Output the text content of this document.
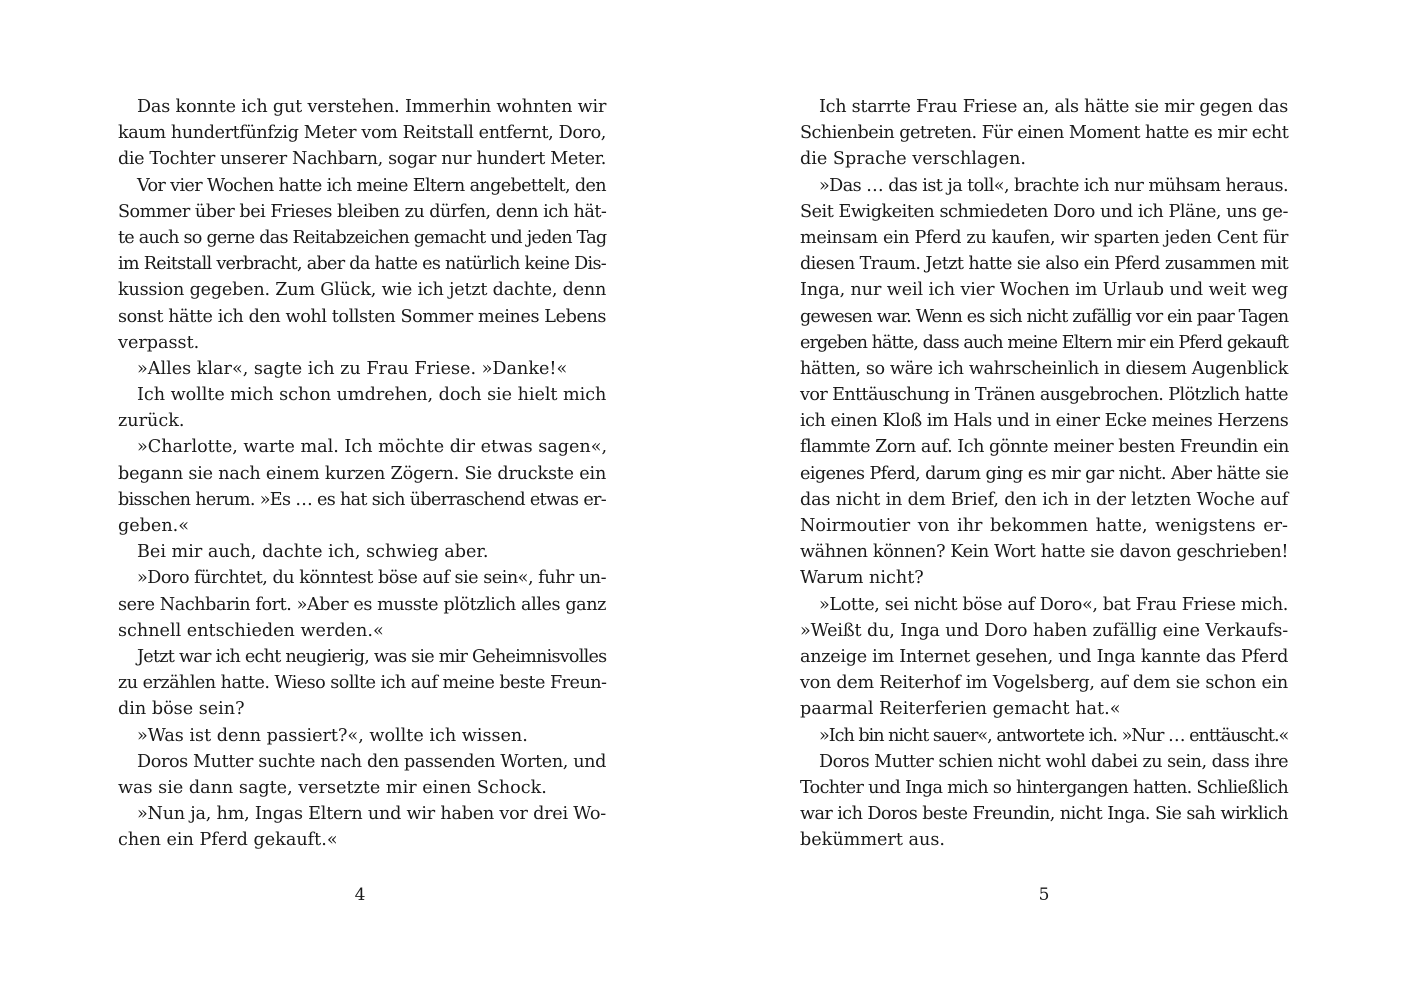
Das konnte ich gut verstehen. Immerhin wohnten wir
kaum hundertfünfzig Meter vom Reitstall entfernt, Doro,
die Tochter unserer Nachbarn, sogar nur hundert Meter.
Vor vier Wochen hatte ich meine Eltern angebettelt, den
Sommer über bei Frieses bleiben zu dürfen, denn ich hät-
te auch so gerne das Reitabzeichen gemacht und jeden Tag
im Reitstall verbracht, aber da hatte es natürlich keine Dis-
kussion gegeben. Zum Glück, wie ich jetzt dachte, denn
sonst hätte ich den wohl tollsten Sommer meines Lebens
verpasst.
»Alles klar«, sagte ich zu Frau Friese. »Danke!«
Ich wollte mich schon umdrehen, doch sie hielt mich
zurück.
»Charlotte, warte mal. Ich möchte dir etwas sagen«,
begann sie nach einem kurzen Zögern. Sie druckste ein
bisschen herum. »Es … es hat sich überraschend etwas er-
geben.«
Bei mir auch, dachte ich, schwieg aber.
»Doro fürchtet, du könntest böse auf sie sein«, fuhr un-
sere Nachbarin fort. »Aber es musste plötzlich alles ganz
schnell entschieden werden.«
Jetzt war ich echt neugierig, was sie mir Geheimnisvolles
zu erzählen hatte. Wieso sollte ich auf meine beste Freun-
din böse sein?
»Was ist denn passiert?«, wollte ich wissen.
Doros Mutter suchte nach den passenden Worten, und
was sie dann sagte, versetzte mir einen Schock.
»Nun ja, hm, Ingas Eltern und wir haben vor drei Wo-
chen ein Pferd gekauft.«
4
Ich starrte Frau Friese an, als hätte sie mir gegen das
Schienbein getreten. Für einen Moment hatte es mir echt
die Sprache verschlagen.
»Das … das ist ja toll«, brachte ich nur mühsam heraus.
Seit Ewigkeiten schmiedeten Doro und ich Pläne, uns ge-
meinsam ein Pferd zu kaufen, wir sparten jeden Cent für
diesen Traum. Jetzt hatte sie also ein Pferd zusammen mit
Inga, nur weil ich vier Wochen im Urlaub und weit weg
gewesen war. Wenn es sich nicht zufällig vor ein paar Tagen
ergeben hätte, dass auch meine Eltern mir ein Pferd gekauft
hätten, so wäre ich wahrscheinlich in diesem Augenblick
vor Enttäuschung in Tränen ausgebrochen. Plötzlich hatte
ich einen Kloß im Hals und in einer Ecke meines Herzens
flammte Zorn auf. Ich gönnte meiner besten Freundin ein
eigenes Pferd, darum ging es mir gar nicht. Aber hätte sie
das nicht in dem Brief, den ich in der letzten Woche auf
Noirmoutier von ihr bekommen hatte, wenigstens er-
wähnen können? Kein Wort hatte sie davon geschrieben!
Warum nicht?
»Lotte, sei nicht böse auf Doro«, bat Frau Friese mich.
»Weißt du, Inga und Doro haben zufällig eine Verkaufs-
anzeige im Internet gesehen, und Inga kannte das Pferd
von dem Reiterhof im Vogelsberg, auf dem sie schon ein
paarmal Reiterferien gemacht hat.«
»Ich bin nicht sauer«, antwortete ich. »Nur … enttäuscht.«
Doros Mutter schien nicht wohl dabei zu sein, dass ihre
Tochter und Inga mich so hintergangen hatten. Schließlich
war ich Doros beste Freundin, nicht Inga. Sie sah wirklich
bekümmert aus.
5
